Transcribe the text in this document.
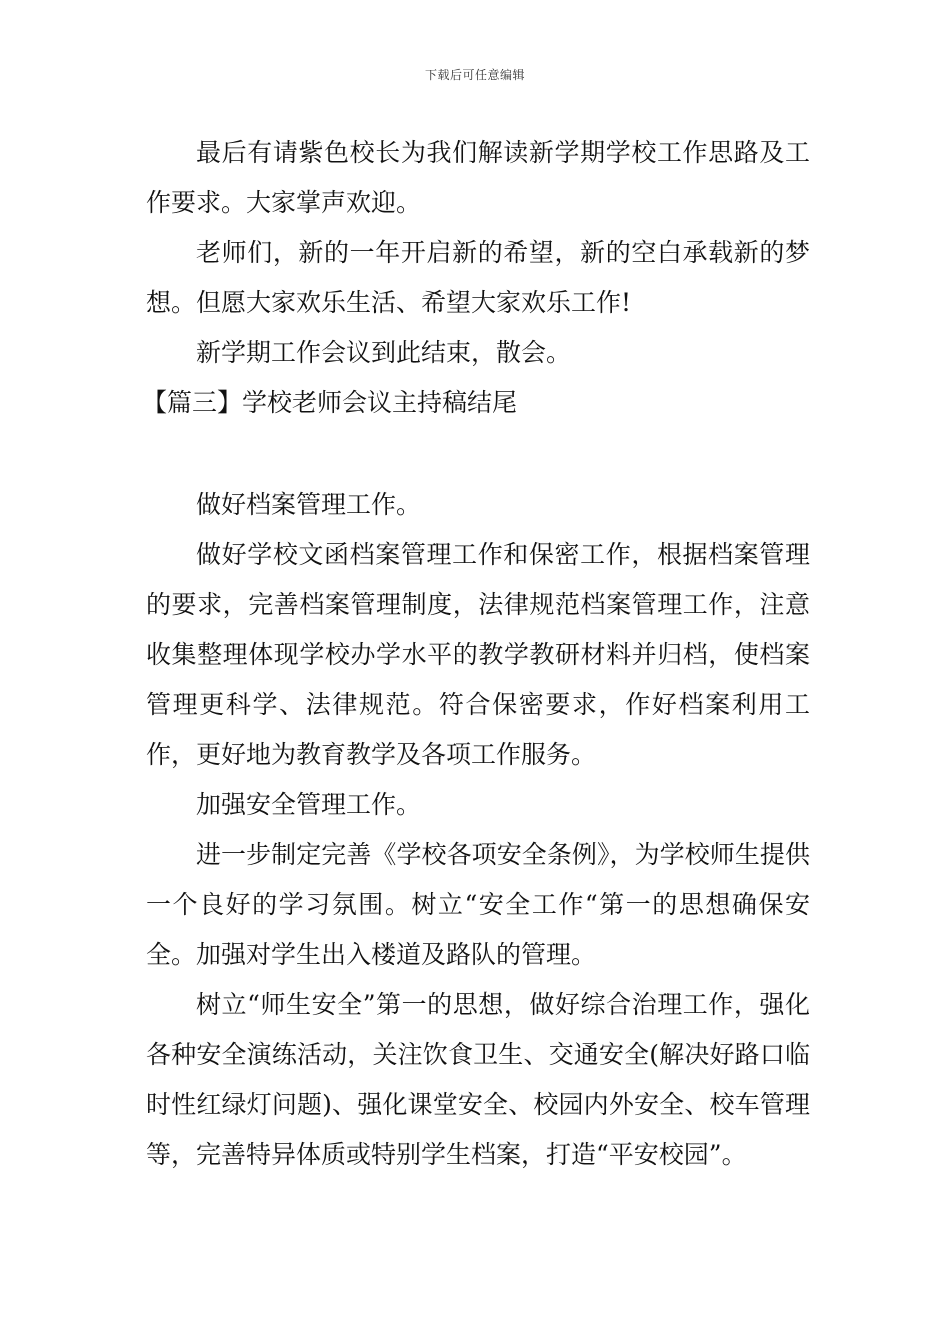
下载后可任意编辑

最后有请紫色校长为我们解读新学期学校工作思路及工作要求。大家掌声欢迎。

老师们，新的一年开启新的希望，新的空白承载新的梦想。但愿大家欢乐生活、希望大家欢乐工作!

新学期工作会议到此结束，散会。

【篇三】学校老师会议主持稿结尾

做好档案管理工作。

做好学校文函档案管理工作和保密工作，根据档案管理的要求，完善档案管理制度，法律规范档案管理工作，注意收集整理体现学校办学水平的教学教研材料并归档，使档案管理更科学、法律规范。符合保密要求，作好档案利用工作，更好地为教育教学及各项工作服务。

加强安全管理工作。

进一步制定完善《学校各项安全条例》，为学校师生提供一个良好的学习氛围。树立“安全工作“第一的思想确保安全。加强对学生出入楼道及路队的管理。

树立“师生安全”第一的思想，做好综合治理工作，强化各种安全演练活动，关注饮食卫生、交通安全(解决好路口临时性红绿灯问题)、强化课堂安全、校园内外安全、校车管理等，完善特异体质或特别学生档案，打造“平安校园”。
